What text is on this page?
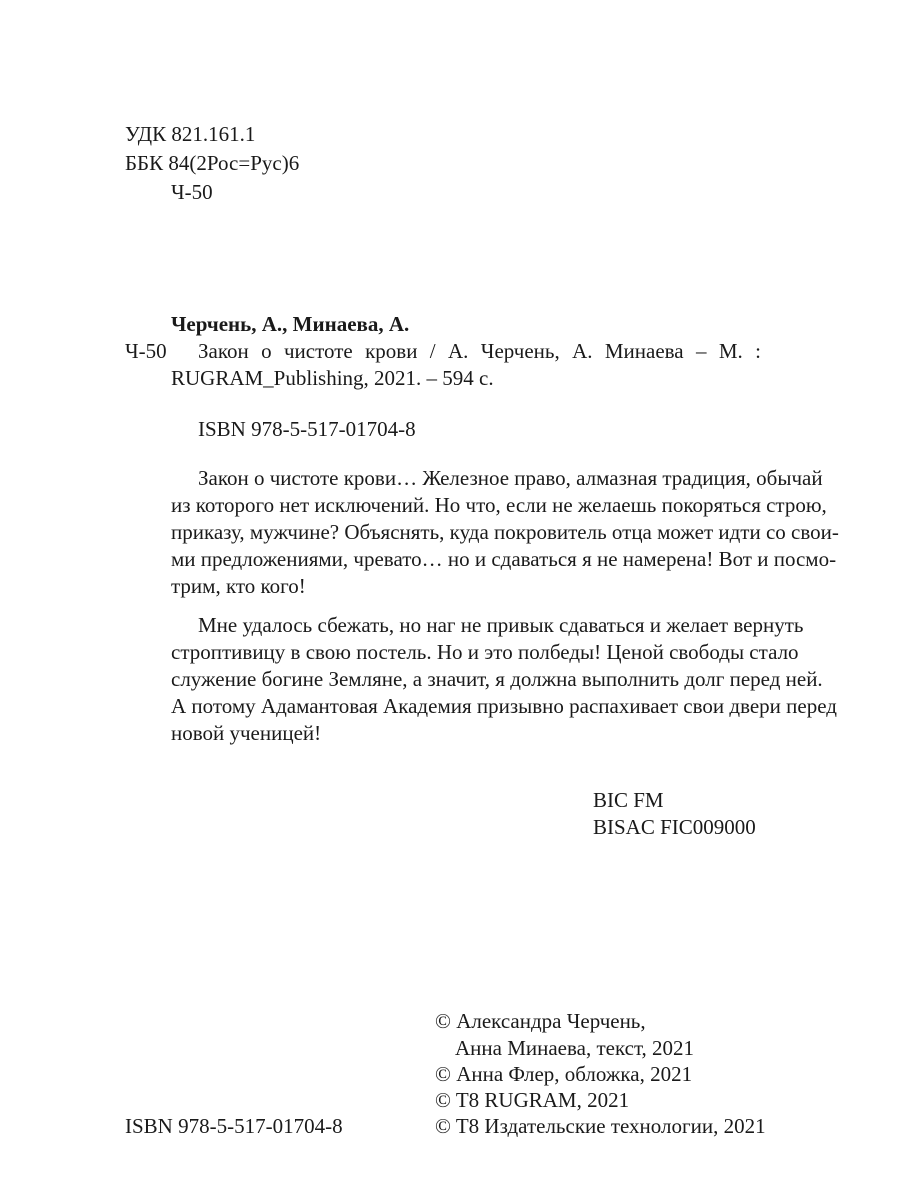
УДК 821.161.1
ББК 84(2Рос=Рус)6
Ч-50
Черчень, А., Минаева, А.
Ч-50 Закон о чистоте крови / А. Черчень, А. Минаева – М. :
RUGRAM_Publishing, 2021. – 594 с.
ISBN 978-5-517-01704-8
Закон о чистоте крови… Железное право, алмазная традиция, обычай
из которого нет исключений. Но что, если не желаешь покоряться строю,
приказу, мужчине? Объяснять, куда покровитель отца может идти со свои-
ми предложениями, чревато… но и сдаваться я не намерена! Вот и посмо-
трим, кто кого!
Мне удалось сбежать, но наг не привык сдаваться и желает вернуть
строптивицу в свою постель. Но и это полбеды! Ценой свободы стало
служение богине Земляне, а значит, я должна выполнить долг перед ней.
А потому Адамантовая Академия призывно распахивает свои двери перед
новой ученицей!
BIC FM
BISAC FIC009000
© Александра Черчень,
Анна Минаева, текст, 2021
© Анна Флер, обложка, 2021
© T8 RUGRAM, 2021
© T8 Издательские технологии, 2021
ISBN 978-5-517-01704-8
